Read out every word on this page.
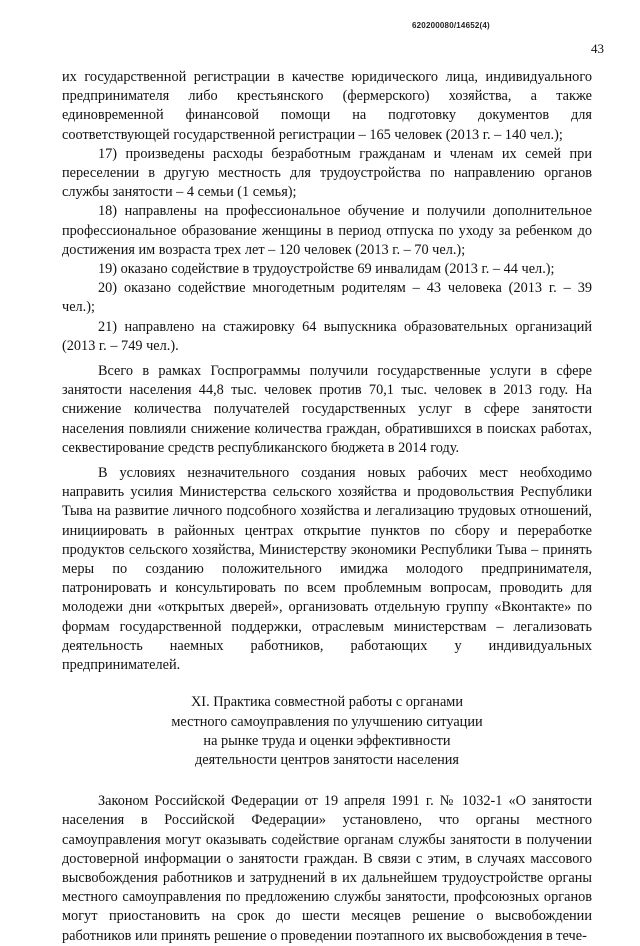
620200080/14652(4)
43

их государственной регистрации в качестве юридического лица, индивидуального предпринимателя либо крестьянского (фермерского) хозяйства, а также единовременной финансовой помощи на подготовку документов для соответствующей государственной регистрации – 165 человек (2013 г. – 140 чел.);

17) произведены расходы безработным гражданам и членам их семей при переселении в другую местность для трудоустройства по направлению органов службы занятости – 4 семьи (1 семья);

18) направлены на профессиональное обучение и получили дополнительное профессиональное образование женщины в период отпуска по уходу за ребенком до достижения им возраста трех лет – 120 человек (2013 г. – 70 чел.);

19) оказано содействие в трудоустройстве 69 инвалидам (2013 г. – 44 чел.);

20) оказано содействие многодетным родителям – 43 человека (2013 г. – 39 чел.);

21) направлено на стажировку 64 выпускника образовательных организаций (2013 г. – 749 чел.).

Всего в рамках Госпрограммы получили государственные услуги в сфере занятости населения 44,8 тыс. человек против 70,1 тыс. человек в 2013 году. На снижение количества получателей государственных услуг в сфере занятости населения повлияли снижение количества граждан, обратившихся в поисках работах, секвестирование средств республиканского бюджета в 2014 году.

В условиях незначительного создания новых рабочих мест необходимо направить усилия Министерства сельского хозяйства и продовольствия Республики Тыва на развитие личного подсобного хозяйства и легализацию трудовых отношений, инициировать в районных центрах открытие пунктов по сбору и переработке продуктов сельского хозяйства, Министерству экономики Республики Тыва – принять меры по созданию положительного имиджа молодого предпринимателя, патронировать и консультировать по всем проблемным вопросам, проводить для молодежи дни «открытых дверей», организовать отдельную группу «Вконтакте» по формам государственной поддержки, отраслевым министерствам – легализовать деятельность наемных работников, работающих у индивидуальных предпринимателей.

XI. Практика совместной работы с органами
местного самоуправления по улучшению ситуации
на рынке труда и оценки эффективности
деятельности центров занятости населения

Законом Российской Федерации от 19 апреля 1991 г. № 1032-1 «О занятости населения в Российской Федерации» установлено, что органы местного самоуправления могут оказывать содействие органам службы занятости в получении достоверной информации о занятости граждан. В связи с этим, в случаях массового высвобождения работников и затруднений в их дальнейшем трудоустройстве органы местного самоуправления по предложению службы занятости, профсоюзных органов могут приостановить на срок до шести месяцев решение о высвобождении работников или принять решение о проведении поэтапного их высвобождения в тече-
